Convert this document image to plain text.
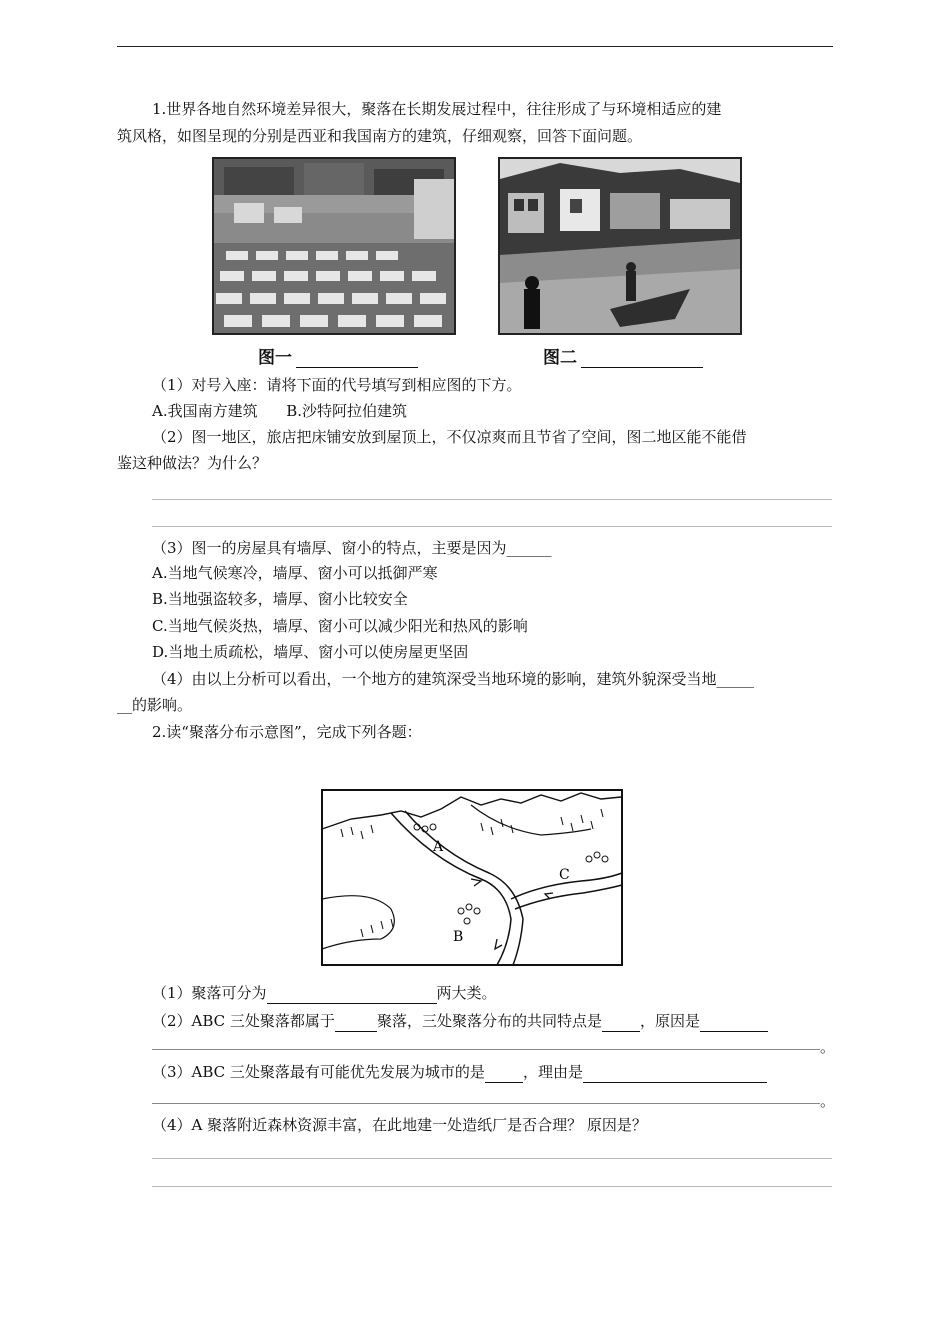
1.世界各地自然环境差异很大，聚落在长期发展过程中，往往形成了与环境相适应的建
筑风格，如图呈现的分别是西亚和我国南方的建筑，仔细观察，回答下面问题。
图一	图二
（1）对号入座：请将下面的代号填写到相应图的下方。
A.我国南方建筑      B.沙特阿拉伯建筑
（2）图一地区，旅店把床铺安放到屋顶上，不仅凉爽而且节省了空间，图二地区能不能借
鉴这种做法？为什么？
（3）图一的房屋具有墙厚、窗小的特点，主要是因为______
A.当地气候寒冷，墙厚、窗小可以抵御严寒
B.当地强盗较多，墙厚、窗小比较安全
C.当地气候炎热，墙厚、窗小可以减少阳光和热风的影响
D.当地土质疏松，墙厚、窗小可以使房屋更坚固
（4）由以上分析可以看出，一个地方的建筑深受当地环境的影响，建筑外貌深受当地_____
__的影响。
2.读“聚落分布示意图”，完成下列各题：
A
B
C
（1）聚落可分为	两大类。
（2）ABC 三处聚落都属于	聚落，三处聚落分布的共同特点是	，原因是
。
（3）ABC 三处聚落最有可能优先发展为城市的是	，理由是
。
（4）A 聚落附近森林资源丰富，在此地建一处造纸厂是否合理？ 原因是？
